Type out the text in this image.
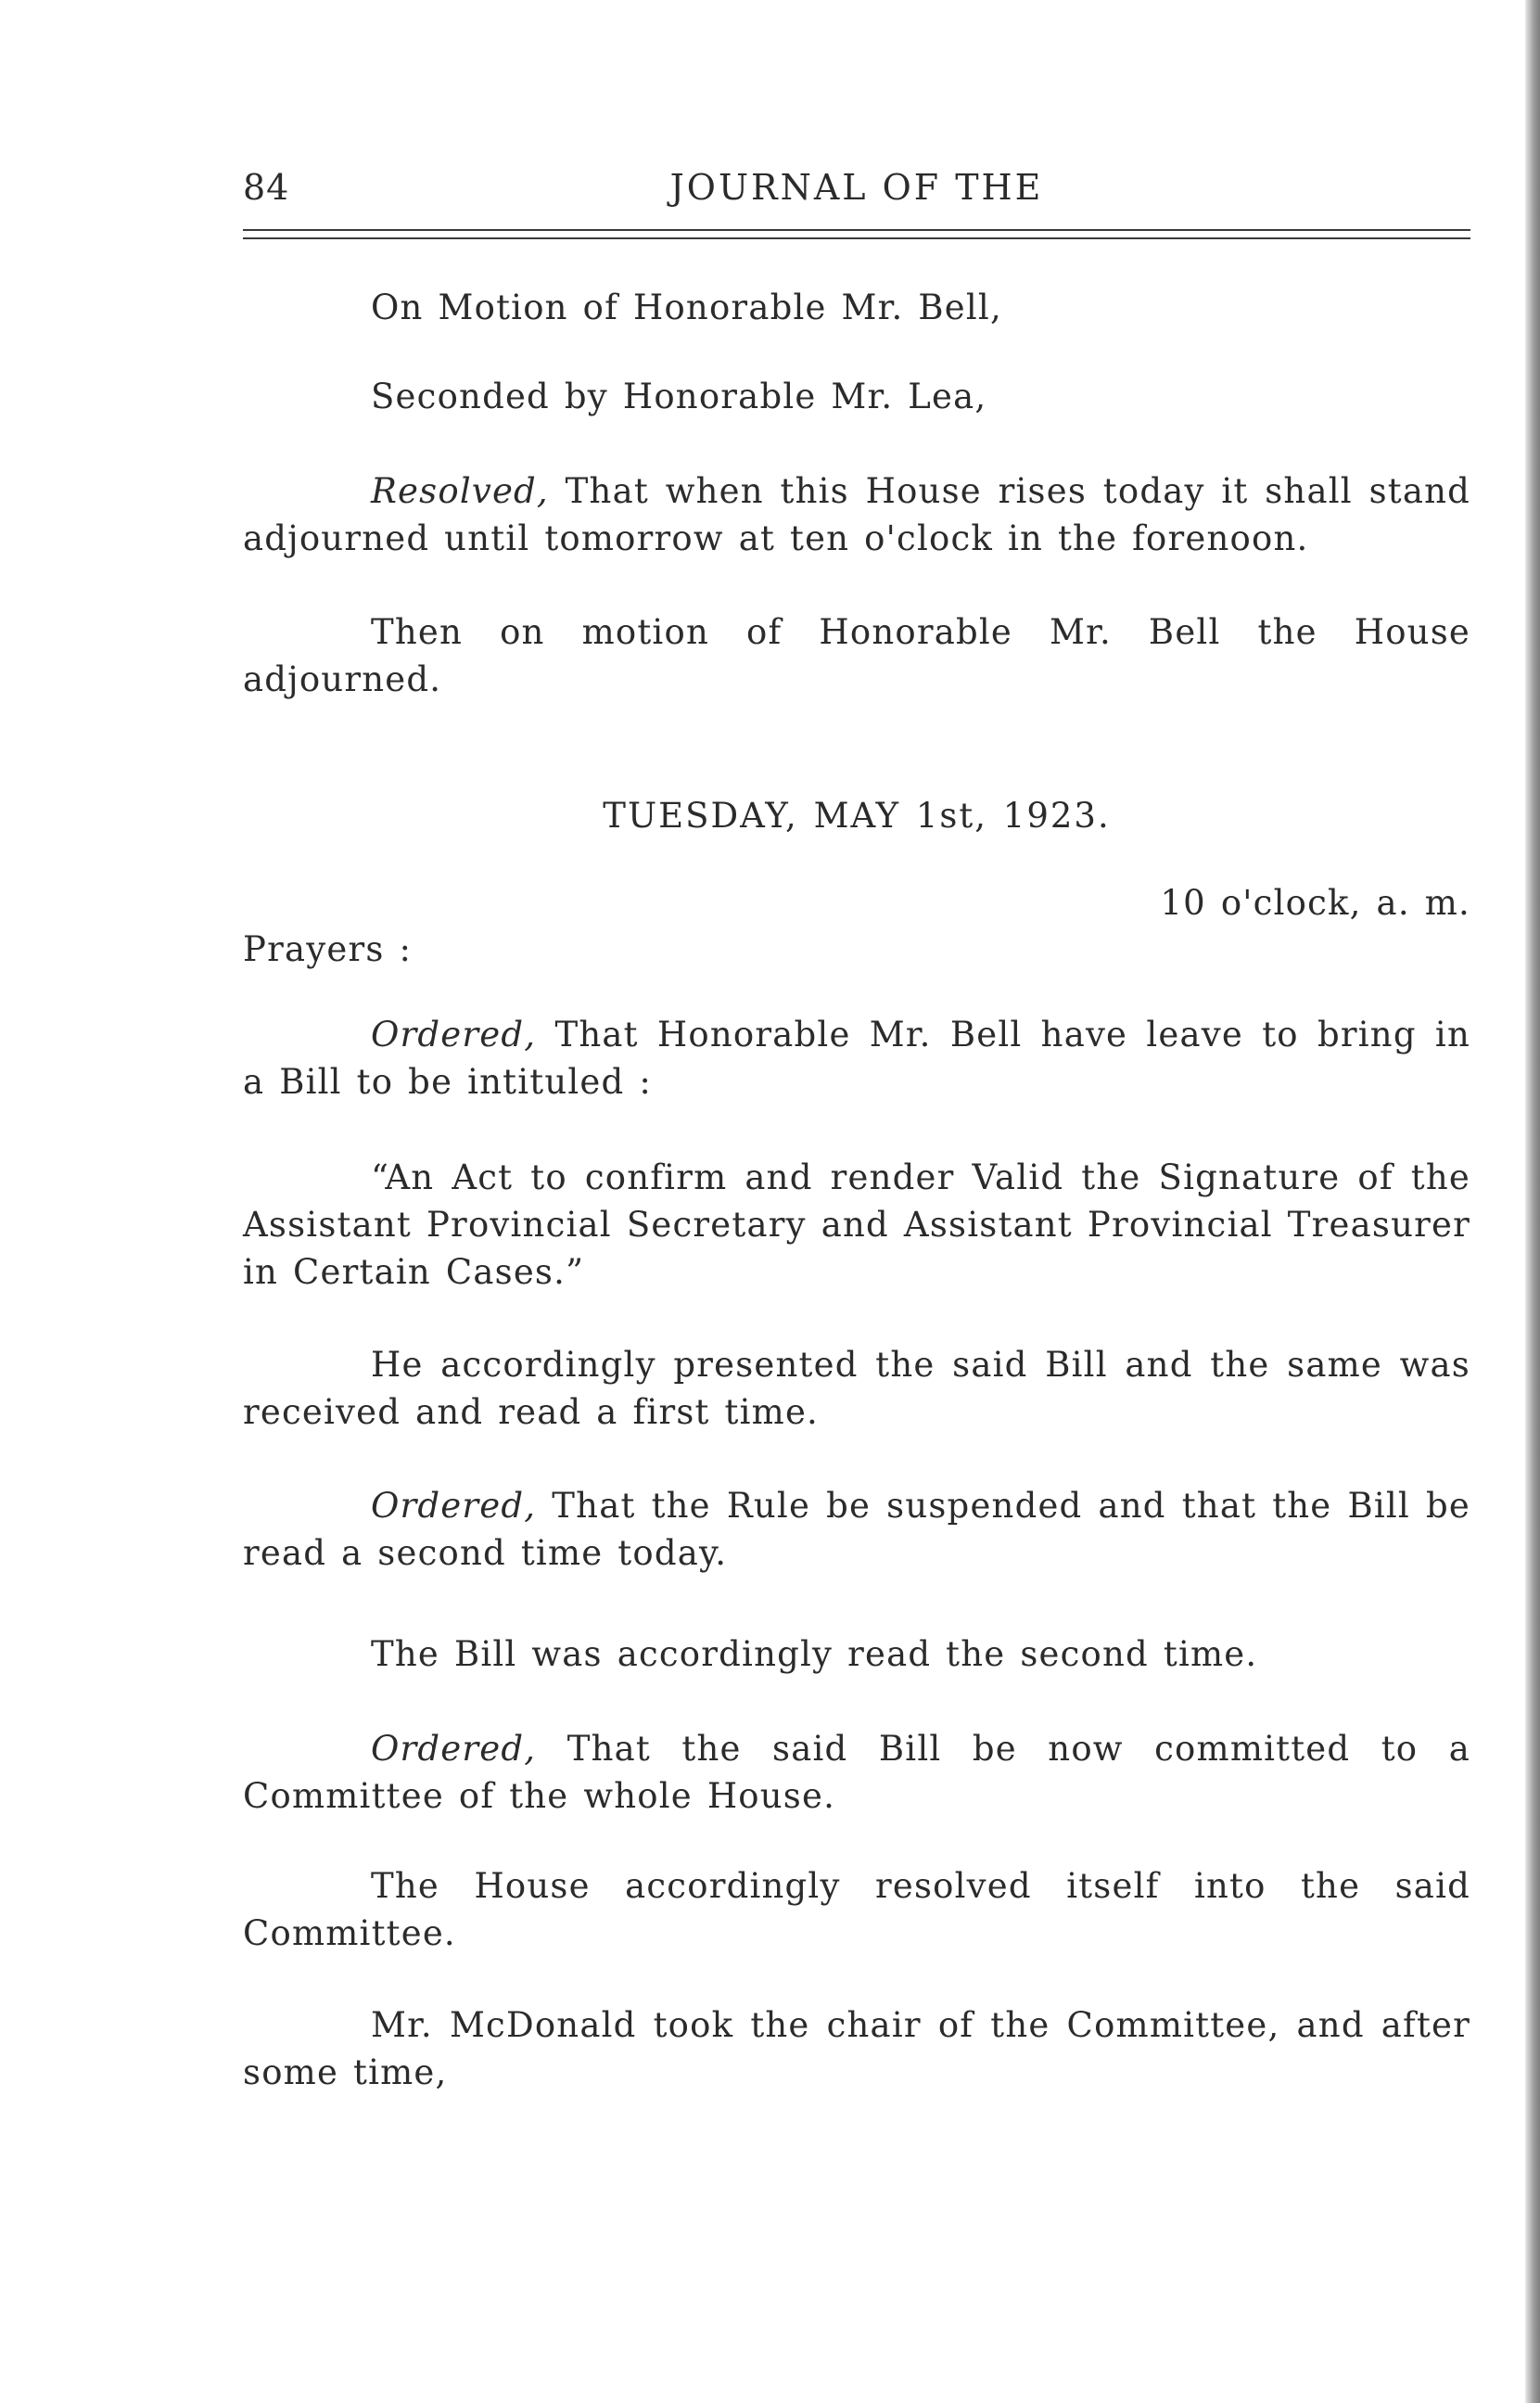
84	JOURNAL OF THE
On Motion of Honorable Mr. Bell,
Seconded by Honorable Mr. Lea,
Resolved, That when this House rises today it shall stand adjourned until tomorrow at ten o'clock in the forenoon.
Then on motion of Honorable Mr. Bell the House adjourned.
TUESDAY, MAY 1st, 1923.
10 o'clock, a. m.
Prayers :
Ordered, That Honorable Mr. Bell have leave to bring in a Bill to be intituled :
“An Act to confirm and render Valid the Signature of the Assistant Provincial Secretary and Assistant Provincial Treasurer in Certain Cases.”
He accordingly presented the said Bill and the same was received and read a first time.
Ordered, That the Rule be suspended and that the Bill be read a second time today.
The Bill was accordingly read the second time.
Ordered, That the said Bill be now committed to a Committee of the whole House.
The House accordingly resolved itself into the said Committee.
Mr. McDonald took the chair of the Committee, and after some time,
